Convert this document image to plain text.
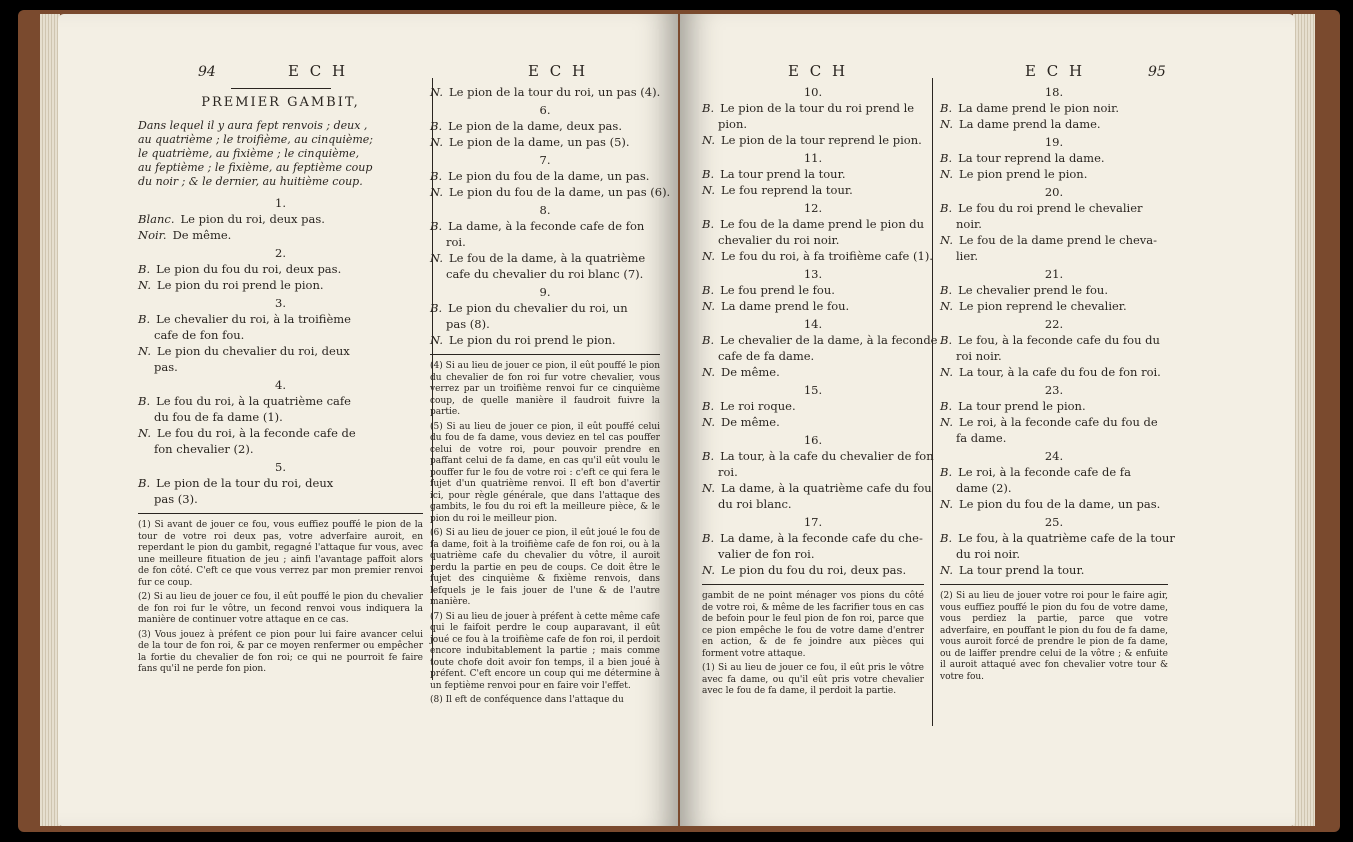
94	E C H	E C H
PREMIER GAMBIT,
Dans lequel il y aura fept renvois ; deux ,
au quatrième ; le troifième, au cinquième;
le quatrième, au fixième ; le cinquième,
au feptième ; le fixième, au feptième coup
du noir ; & le dernier, au huitième coup.
1.
Blanc. Le pion du roi, deux pas.
Noir. De même.
2.
B. Le pion du fou du roi, deux pas.
N. Le pion du roi prend le pion.
3.
B. Le chevalier du roi, à la troifième
cafe de fon fou.
N. Le pion du chevalier du roi, deux
pas.
4.
B. Le fou du roi, à la quatrième cafe
du fou de fa dame (1).
N. Le fou du roi, à la feconde cafe de
fon chevalier (2).
5.
B. Le pion de la tour du roi, deux
pas (3).
(1) Si avant de jouer ce fou, vous euffiez pouffé le pion de la tour de votre roi deux pas, votre adverfaire auroit, en reperdant le pion du gambit, regagné l'attaque fur vous, avec une meilleure fituation de jeu ; ainfi l'avantage paffoit alors de fon côté. C'eft ce que vous verrez par mon premier renvoi fur ce coup.
(2) Si au lieu de jouer ce fou, il eût pouffé le pion du chevalier de fon roi fur le vôtre, un fecond renvoi vous indiquera la manière de continuer votre attaque en ce cas.
(3) Vous jouez à préfent ce pion pour lui faire avancer celui de la tour de fon roi, & par ce moyen renfermer ou empêcher la fortie du chevalier de fon roi; ce qui ne pourroit fe faire fans qu'il ne perde fon pion.
N. Le pion de la tour du roi, un pas (4).
6.
B. Le pion de la dame, deux pas.
N. Le pion de la dame, un pas (5).
7.
B. Le pion du fou de la dame, un pas.
N. Le pion du fou de la dame, un pas (6).
8.
B. La dame, à la feconde cafe de fon
roi.
N. Le fou de la dame, à la quatrième
cafe du chevalier du roi blanc (7).
9.
B. Le pion du chevalier du roi, un
pas (8).
N. Le pion du roi prend le pion.
(4) Si au lieu de jouer ce pion, il eût pouffé le pion du chevalier de fon roi fur votre chevalier, vous verrez par un troifième renvoi fur ce cinquième coup, de quelle manière il faudroit fuivre la partie.
(5) Si au lieu de jouer ce pion, il eût pouffé celui du fou de fa dame, vous deviez en tel cas pouffer celui de votre roi, pour pouvoir prendre en paffant celui de fa dame, en cas qu'il eût voulu le pouffer fur le fou de votre roi : c'eft ce qui fera le fujet d'un quatrième renvoi. Il eft bon d'avertir ici, pour règle générale, que dans l'attaque des gambits, le fou du roi eft la meilleure pièce, & le pion du roi le meilleur pion.
(6) Si au lieu de jouer ce pion, il eût joué le fou de fa dame, foit à la troifième cafe de fon roi, ou à la quatrième cafe du chevalier du vôtre, il auroit perdu la partie en peu de coups. Ce doit être le fujet des cinquième & fixième renvois, dans lefquels je le fais jouer de l'une & de l'autre manière.
(7) Si au lieu de jouer à préfent à cette même cafe qui le faifoit perdre le coup auparavant, il eût joué ce fou à la troifième cafe de fon roi, il perdoit encore indubitablement la partie ; mais comme toute chofe doit avoir fon temps, il a bien joué à préfent. C'eft encore un coup qui me détermine à un feptième renvoi pour en faire voir l'effet.
(8) Il eft de conféquence dans l'attaque du
E C H	E C H	95
10.
B. Le pion de la tour du roi prend le
pion.
N. Le pion de la tour reprend le pion.
11.
B. La tour prend la tour.
N. Le fou reprend la tour.
12.
B. Le fou de la dame prend le pion du
chevalier du roi noir.
N. Le fou du roi, à fa troifième cafe (1).
13.
B. Le fou prend le fou.
N. La dame prend le fou.
14.
B. Le chevalier de la dame, à la feconde
cafe de fa dame.
N. De même.
15.
B. Le roi roque.
N. De même.
16.
B. La tour, à la cafe du chevalier de fon
roi.
N. La dame, à la quatrième cafe du fou
du roi blanc.
17.
B. La dame, à la feconde cafe du che-
valier de fon roi.
N. Le pion du fou du roi, deux pas.
gambit de ne point ménager vos pions du côté de votre roi, & même de les facrifier tous en cas de befoin pour le feul pion de fon roi, parce que ce pion empêche le fou de votre dame d'entrer en action, & de fe joindre aux pièces qui forment votre attaque.
(1) Si au lieu de jouer ce fou, il eût pris le vôtre avec fa dame, ou qu'il eût pris votre chevalier avec le fou de fa dame, il perdoit la partie.
18.
B. La dame prend le pion noir.
N. La dame prend la dame.
19.
B. La tour reprend la dame.
N. Le pion prend le pion.
20.
B. Le fou du roi prend le chevalier
noir.
N. Le fou de la dame prend le cheva-
lier.
21.
B. Le chevalier prend le fou.
N. Le pion reprend le chevalier.
22.
B. Le fou, à la feconde cafe du fou du
roi noir.
N. La tour, à la cafe du fou de fon roi.
23.
B. La tour prend le pion.
N. Le roi, à la feconde cafe du fou de
fa dame.
24.
B. Le roi, à la feconde cafe de fa
dame (2).
N. Le pion du fou de la dame, un pas.
25.
B. Le fou, à la quatrième cafe de la tour
du roi noir.
N. La tour prend la tour.
(2) Si au lieu de jouer votre roi pour le faire agir, vous euffiez pouffé le pion du fou de votre dame, vous perdiez la partie, parce que votre adverfaire, en pouffant le pion du fou de fa dame, vous auroit forcé de prendre le pion de fa dame, ou de laiffer prendre celui de la vôtre ; & enfuite il auroit attaqué avec fon chevalier votre tour & votre fou.
